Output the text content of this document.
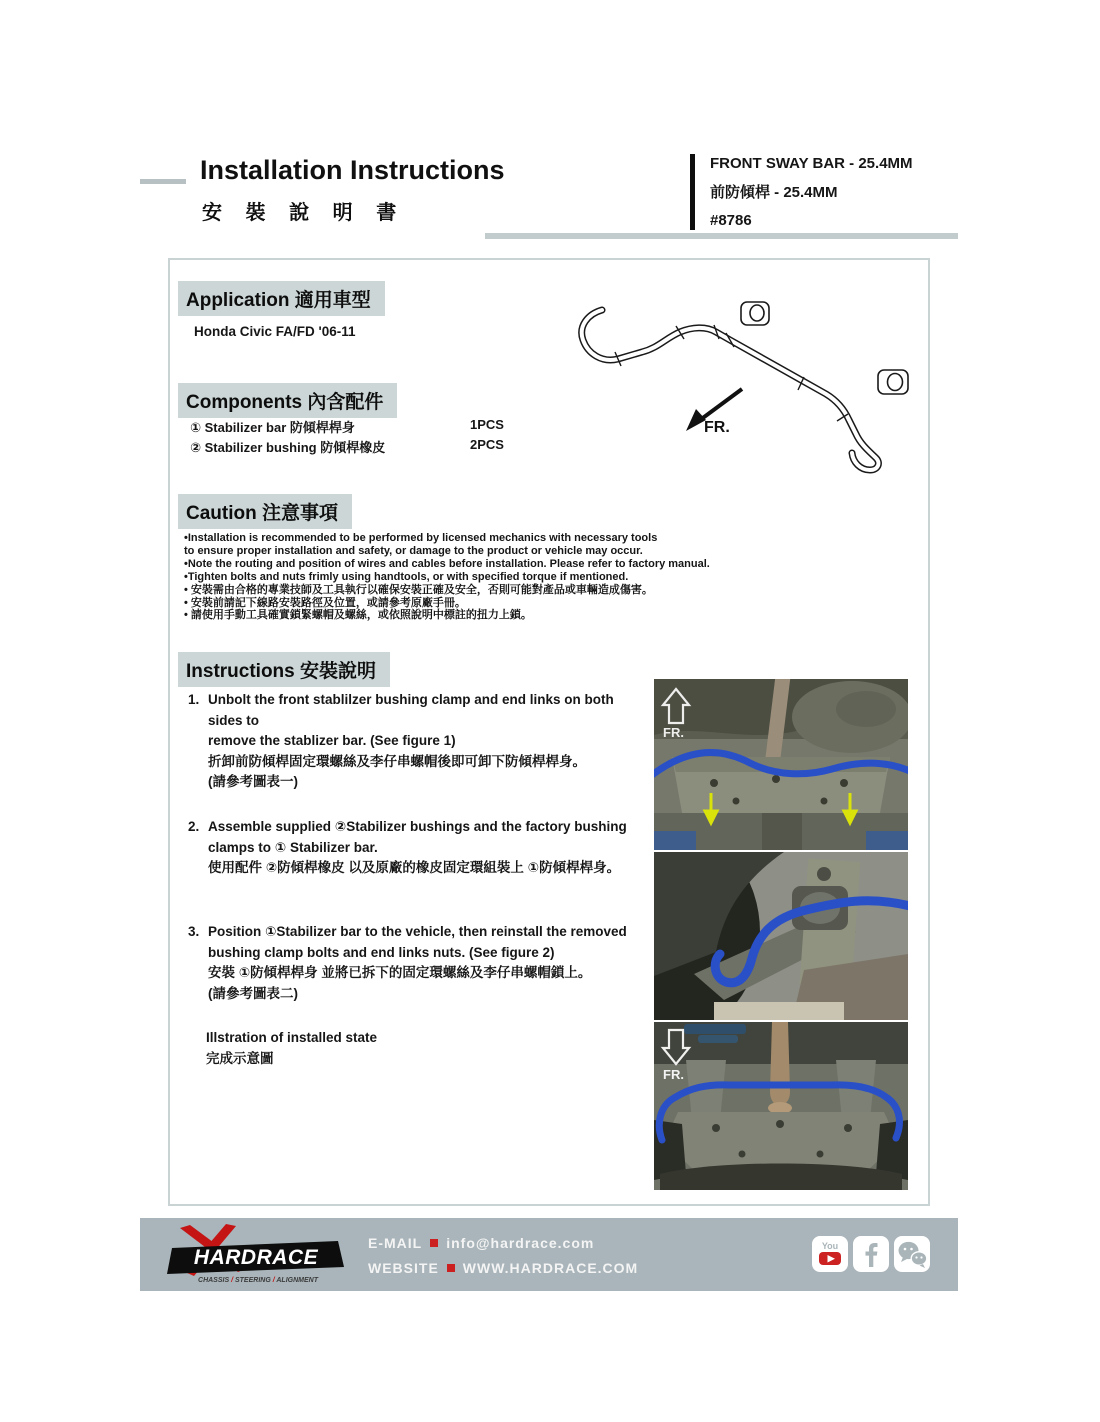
Installation Instructions
安 裝 說 明 書
FRONT SWAY BAR - 25.4MM
前防傾桿 - 25.4MM
#8786
Application 適用車型
Honda Civic FA/FD '06-11
FR.
Components 內含配件
① Stabilizer bar 防傾桿桿身	1PCS
② Stabilizer bushing 防傾桿橡皮	2PCS
Caution 注意事項
•Installation is recommended to be performed by licensed mechanics with necessary tools
to ensure proper installation and safety, or damage to the product or vehicle may occur.
•Note the routing and position of wires and cables before installation. Please refer to factory manual.
•Tighten bolts and nuts frimly using handtools, or with specified torque if mentioned.
• 安裝需由合格的專業技師及工具執行以確保安裝正確及安全，否則可能對產品或車輛造成傷害。
• 安裝前請記下線路安裝路徑及位置，或請參考原廠手冊。
• 請使用手動工具確實鎖緊螺帽及螺絲，或依照說明中標註的扭力上鎖。
Instructions 安裝說明
1. Unbolt the front stablilzer bushing clamp and end links on both sides to
remove the stablizer bar. (See figure 1)
折卸前防傾桿固定環螺絲及李仔串螺帽後即可卸下防傾桿桿身。
(請參考圖表一)
2. Assemble supplied ②Stabilizer bushings and the factory bushing
clamps to ① Stabilizer bar.
使用配件 ②防傾桿橡皮 以及原廠的橡皮固定環組裝上 ①防傾桿桿身。
3. Position ①Stabilizer bar to the vehicle, then reinstall the removed
bushing clamp bolts and end links nuts. (See figure 2)
安裝 ①防傾桿桿身 並將已拆下的固定環螺絲及李仔串螺帽鎖上。
(請參考圖表二)
Illstration of installed state
完成示意圖
FR.
FR.
HARDRACE
CHASSIS / STEERING / ALIGNMENT
E-MAIL info@hardrace.com
WEBSITE WWW.HARDRACE.COM
You
